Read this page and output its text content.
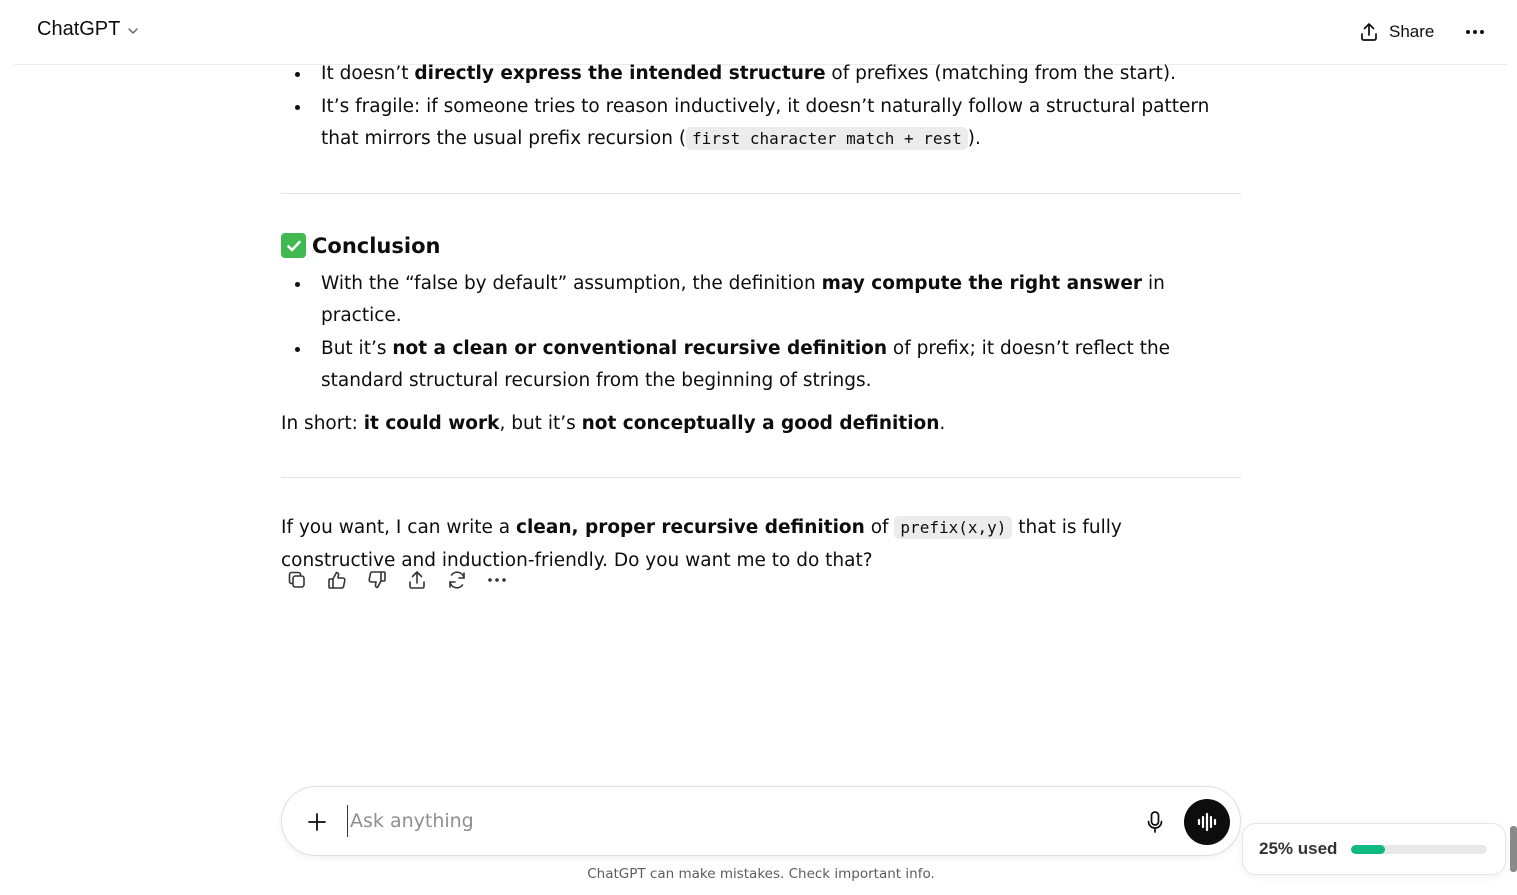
ChatGPT	Share
It doesn’t directly express the intended structure of prefixes (matching from the start).
It’s fragile: if someone tries to reason inductively, it doesn’t naturally follow a structural pattern that mirrors the usual prefix recursion ( first character match + rest ).
Conclusion
With the “false by default” assumption, the definition may compute the right answer in practice.
But it’s not a clean or conventional recursive definition of prefix; it doesn’t reflect the standard structural recursion from the beginning of strings.

In short: it could work, but it’s not conceptually a good definition.

If you want, I can write a clean, proper recursive definition of prefix(x,y) that is fully constructive and induction-friendly. Do you want me to do that?

Ask anything
ChatGPT can make mistakes. Check important info.
25% used
